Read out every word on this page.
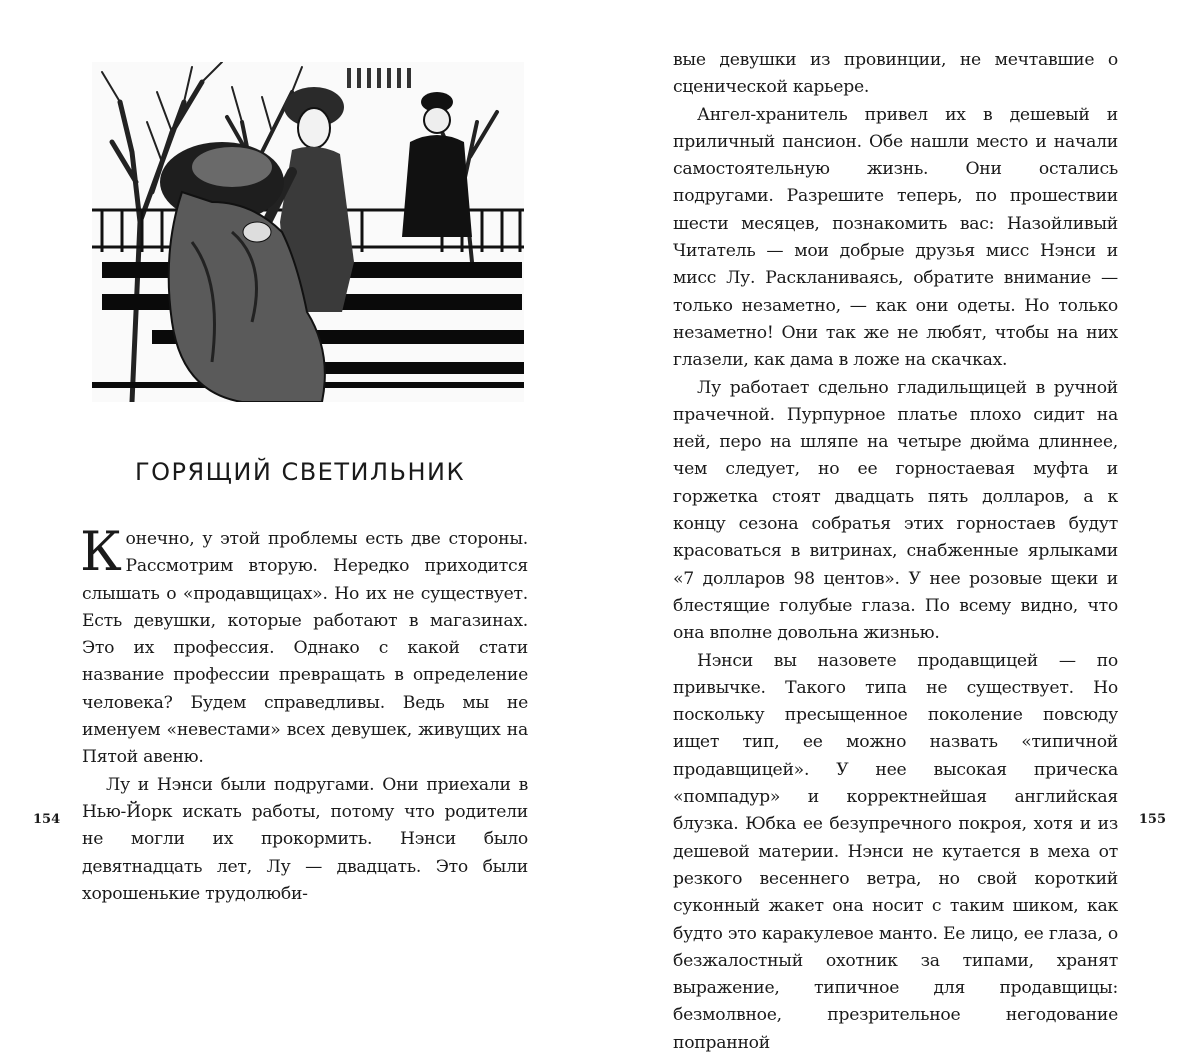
ГОРЯЩИЙ СВЕТИЛЬНИК

Конечно, у этой проблемы есть две стороны. Рассмотрим вторую. Нередко приходится слышать о «продавщицах». Но их не существует. Есть девушки, которые работают в магазинах. Это их профессия. Однако с какой стати название профессии превращать в определение человека? Будем справедливы. Ведь мы не именуем «невестами» всех девушек, живущих на Пятой авеню.

Лу и Нэнси были подругами. Они приехали в Нью-Йорк искать работы, потому что родители не могли их прокормить. Нэнси было девятнадцать лет, Лу — двадцать. Это были хорошенькие трудолюби-

154

вые девушки из провинции, не мечтавшие о сценической карьере.

Ангел-хранитель привел их в дешевый и приличный пансион. Обе нашли место и начали самостоятельную жизнь. Они остались подругами. Разрешите теперь, по прошествии шести месяцев, познакомить вас: Назойливый Читатель — мои добрые друзья мисс Нэнси и мисс Лу. Раскланиваясь, обратите внимание — только незаметно, — как они одеты. Но только незаметно! Они так же не любят, чтобы на них глазели, как дама в ложе на скачках.

Лу работает сдельно гладильщицей в ручной прачечной. Пурпурное платье плохо сидит на ней, перо на шляпе на четыре дюйма длиннее, чем следует, но ее горностаевая муфта и горжетка стоят двадцать пять долларов, а к концу сезона собратья этих горностаев будут красоваться в витринах, снабженные ярлыками «7 долларов 98 центов». У нее розовые щеки и блестящие голубые глаза. По всему видно, что она вполне довольна жизнью.

Нэнси вы назовете продавщицей — по привычке. Такого типа не существует. Но поскольку пресыщенное поколение повсюду ищет тип, ее можно назвать «типичной продавщицей». У нее высокая прическа «помпадур» и корректнейшая английская блузка. Юбка ее безупречного покроя, хотя и из дешевой материи. Нэнси не кутается в меха от резкого весеннего ветра, но свой короткий суконный жакет она носит с таким шиком, как будто это каракулевое манто. Ее лицо, ее глаза, о безжалостный охотник за типами, хранят выражение, типичное для продавщицы: безмолвное, презрительное негодование попранной

155
